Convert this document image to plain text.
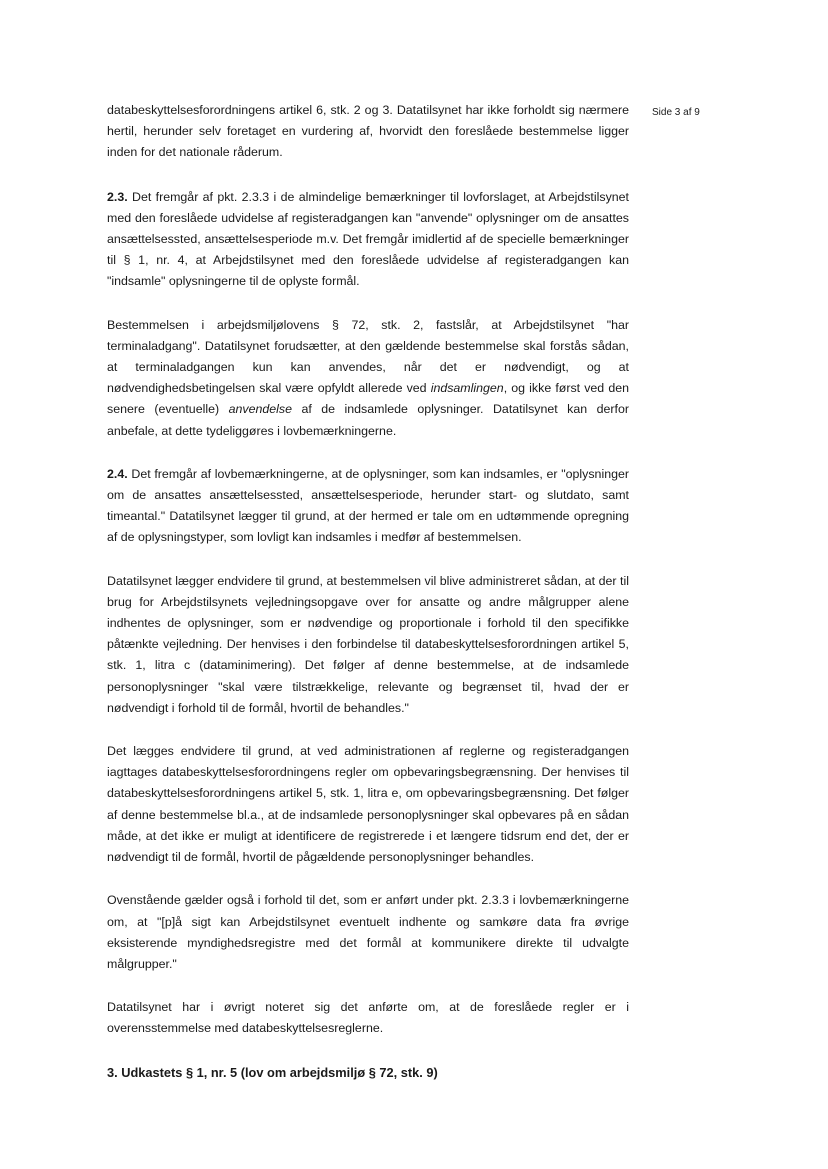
Side 3 af 9

databeskyttelsesforordningens artikel 6, stk. 2 og 3. Datatilsynet har ikke forholdt sig nærmere hertil, herunder selv foretaget en vurdering af, hvorvidt den foreslåede bestemmelse ligger inden for det nationale råderum.

2.3. Det fremgår af pkt. 2.3.3 i de almindelige bemærkninger til lovforslaget, at Arbejdstilsynet med den foreslåede udvidelse af registeradgangen kan "anvende" oplysninger om de ansattes ansættelsessted, ansættelsesperiode m.v. Det fremgår imidlertid af de specielle bemærkninger til § 1, nr. 4, at Arbejdstilsynet med den foreslåede udvidelse af registeradgangen kan "indsamle" oplysningerne til de oplyste formål.

Bestemmelsen i arbejdsmiljølovens § 72, stk. 2, fastslår, at Arbejdstilsynet "har terminaladgang". Datatilsynet forudsætter, at den gældende bestemmelse skal forstås sådan, at terminaladgangen kun kan anvendes, når det er nødvendigt, og at nødvendighedsbetingelsen skal være opfyldt allerede ved indsamlingen, og ikke først ved den senere (eventuelle) anvendelse af de indsamlede oplysninger. Datatilsynet kan derfor anbefale, at dette tydeliggøres i lovbemærkningerne.

2.4. Det fremgår af lovbemærkningerne, at de oplysninger, som kan indsamles, er "oplysninger om de ansattes ansættelsessted, ansættelsesperiode, herunder start- og slutdato, samt timeantal." Datatilsynet lægger til grund, at der hermed er tale om en udtømmende opregning af de oplysningstyper, som lovligt kan indsamles i medfør af bestemmelsen.

Datatilsynet lægger endvidere til grund, at bestemmelsen vil blive administreret sådan, at der til brug for Arbejdstilsynets vejledningsopgave over for ansatte og andre målgrupper alene indhentes de oplysninger, som er nødvendige og proportionale i forhold til den specifikke påtænkte vejledning. Der henvises i den forbindelse til databeskyttelsesforordningen artikel 5, stk. 1, litra c (dataminimering). Det følger af denne bestemmelse, at de indsamlede personoplysninger "skal være tilstrækkelige, relevante og begrænset til, hvad der er nødvendigt i forhold til de formål, hvortil de behandles."

Det lægges endvidere til grund, at ved administrationen af reglerne og registeradgangen iagttages databeskyttelsesforordningens regler om opbevaringsbegrænsning. Der henvises til databeskyttelsesforordningens artikel 5, stk. 1, litra e, om opbevaringsbegrænsning. Det følger af denne bestemmelse bl.a., at de indsamlede personoplysninger skal opbevares på en sådan måde, at det ikke er muligt at identificere de registrerede i et længere tidsrum end det, der er nødvendigt til de formål, hvortil de pågældende personoplysninger behandles.

Ovenstående gælder også i forhold til det, som er anført under pkt. 2.3.3 i lovbemærkningerne om, at "[p]å sigt kan Arbejdstilsynet eventuelt indhente og samkøre data fra øvrige eksisterende myndighedsregistre med det formål at kommunikere direkte til udvalgte målgrupper."

Datatilsynet har i øvrigt noteret sig det anførte om, at de foreslåede regler er i overensstemmelse med databeskyttelsesreglerne.

3. Udkastets § 1, nr. 5 (lov om arbejdsmiljø § 72, stk. 9)
